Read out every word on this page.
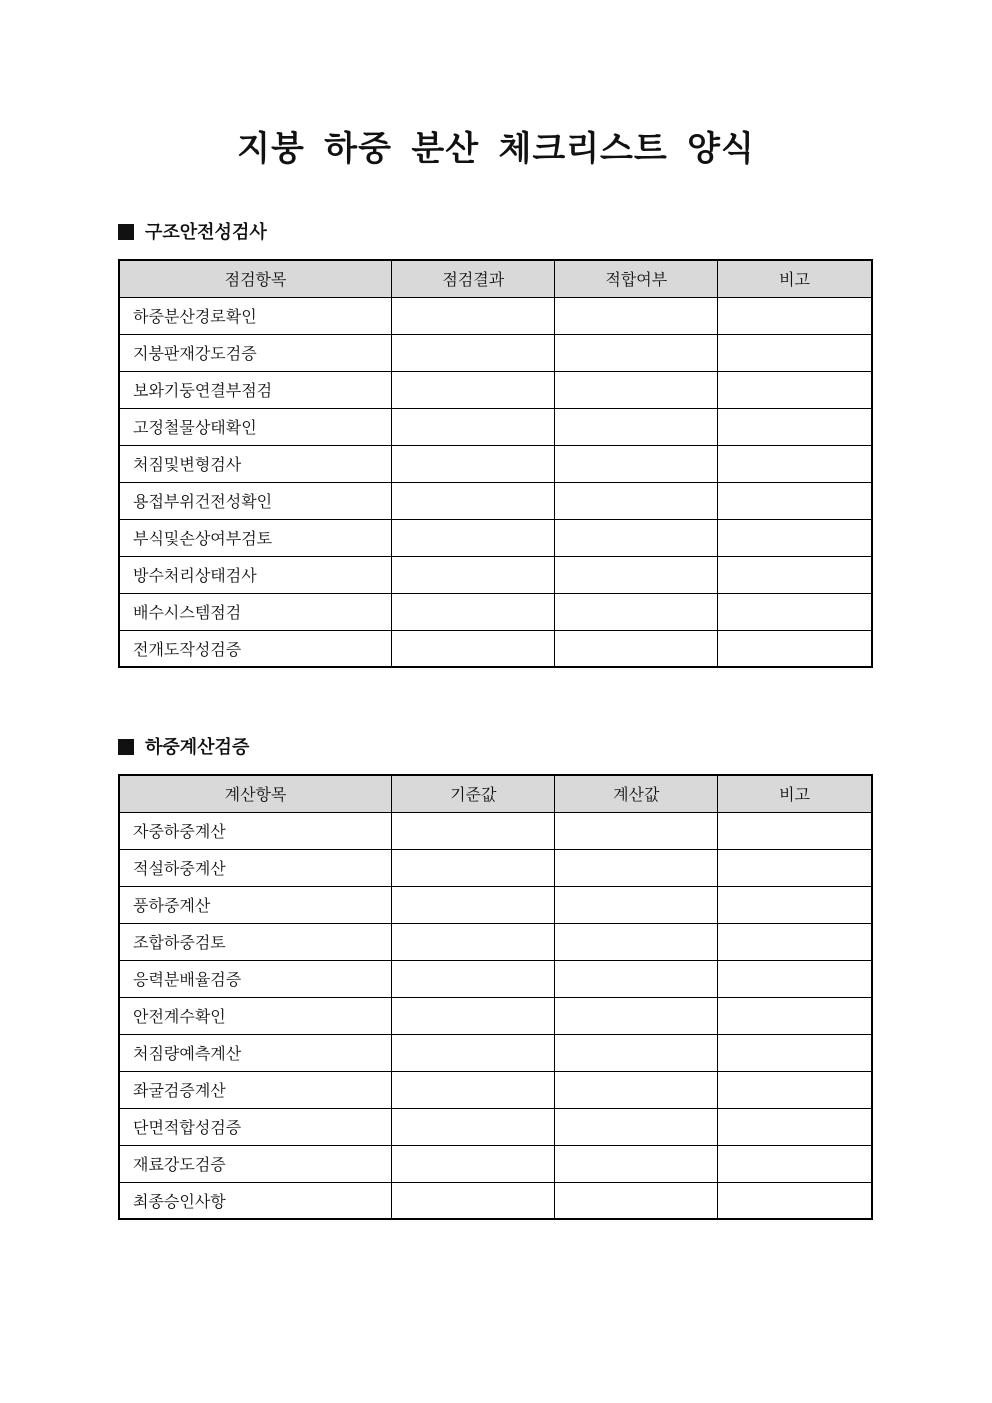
지붕 하중 분산 체크리스트 양식
구조안전성검사
점검항목	점검결과	적합여부	비고
하중분산경로확인			
지붕판재강도검증			
보와기둥연결부점검			
고정철물상태확인			
처짐및변형검사			
용접부위건전성확인			
부식및손상여부검토			
방수처리상태검사			
배수시스템점검			
전개도작성검증			
하중계산검증
계산항목	기준값	계산값	비고
자중하중계산			
적설하중계산			
풍하중계산			
조합하중검토			
응력분배율검증			
안전계수확인			
처짐량예측계산			
좌굴검증계산			
단면적합성검증			
재료강도검증			
최종승인사항			
